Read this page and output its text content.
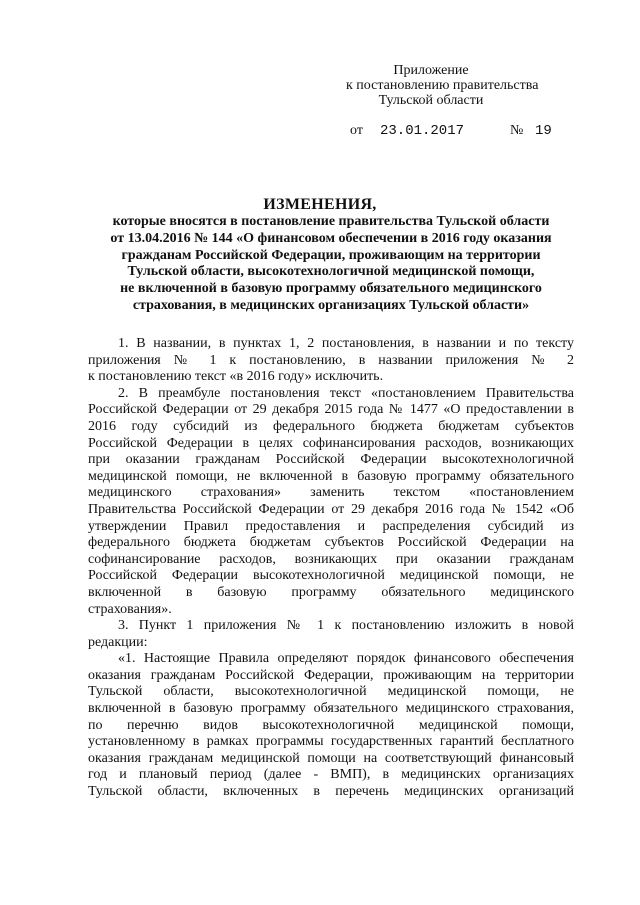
Приложение
к постановлению правительства
Тульской области
от 23.01.2017	№ 19
ИЗМЕНЕНИЯ,
которые вносятся в постановление правительства Тульской области
от 13.04.2016 № 144 «О финансовом обеспечении в 2016 году оказания
гражданам Российской Федерации, проживающим на территории
Тульской области, высокотехнологичной медицинской помощи,
не включенной в базовую программу обязательного медицинского
страхования, в медицинских организациях Тульской области»
1. В названии, в пунктах 1, 2 постановления, в названии и по тексту
приложения № 1 к постановлению, в названии приложения № 2
к постановлению текст «в 2016 году» исключить.
2. В преамбуле постановления текст «постановлением Правительства
Российской Федерации от 29 декабря 2015 года № 1477 «О предоставлении в
2016 году субсидий из федерального бюджета бюджетам субъектов
Российской Федерации в целях софинансирования расходов, возникающих
при оказании гражданам Российской Федерации высокотехнологичной
медицинской помощи, не включенной в базовую программу обязательного
медицинского страхования» заменить текстом «постановлением
Правительства Российской Федерации от 29 декабря 2016 года № 1542 «Об
утверждении Правил предоставления и распределения субсидий из
федерального бюджета бюджетам субъектов Российской Федерации на
софинансирование расходов, возникающих при оказании гражданам
Российской Федерации высокотехнологичной медицинской помощи, не
включенной в базовую программу обязательного медицинского
страхования».
3. Пункт 1 приложения № 1 к постановлению изложить в новой
редакции:
«1. Настоящие Правила определяют порядок финансового обеспечения
оказания гражданам Российской Федерации, проживающим на территории
Тульской области, высокотехнологичной медицинской помощи, не
включенной в базовую программу обязательного медицинского страхования,
по перечню видов высокотехнологичной медицинской помощи,
установленному в рамках программы государственных гарантий бесплатного
оказания гражданам медицинской помощи на соответствующий финансовый
год и плановый период (далее - ВМП), в медицинских организациях
Тульской области, включенных в перечень медицинских организаций
